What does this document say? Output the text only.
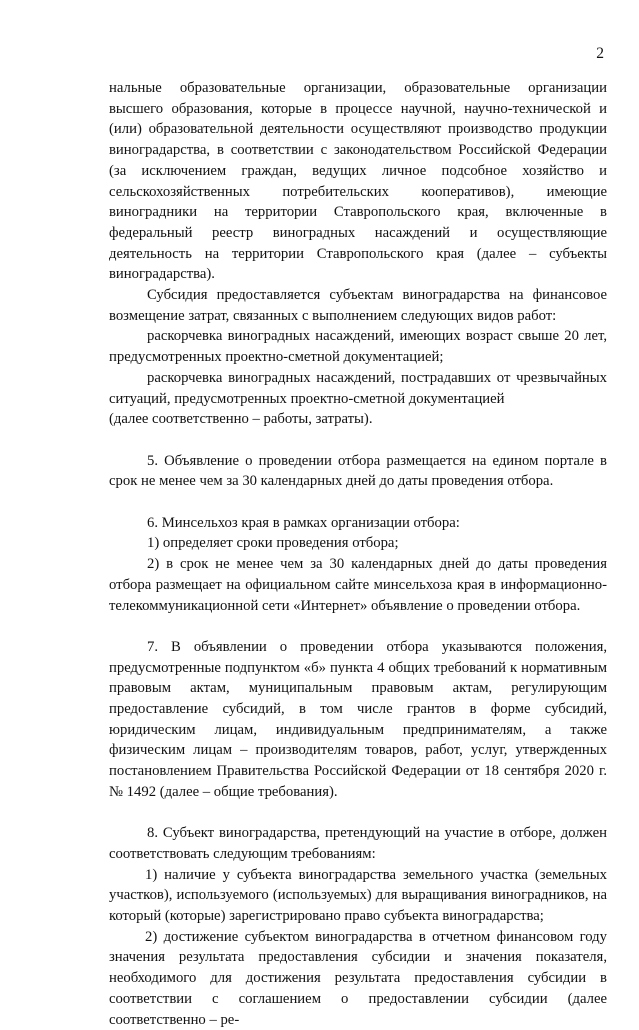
2

нальные образовательные организации, образовательные организации высшего образования, которые в процессе научной, научно-технической и (или) образовательной деятельности осуществляют производство продукции виноградарства, в соответствии с законодательством Российской Федерации (за исключением граждан, ведущих личное подсобное хозяйство и сельскохозяйственных потребительских кооперативов), имеющие виноградники на территории Ставропольского края, включенные в федеральный реестр виноградных насаждений и осуществляющие деятельность на территории Ставропольского края (далее – субъекты виноградарства).

Субсидия предоставляется субъектам виноградарства на финансовое возмещение затрат, связанных с выполнением следующих видов работ:

раскорчевка виноградных насаждений, имеющих возраст свыше 20 лет, предусмотренных проектно-сметной документацией;

раскорчевка виноградных насаждений, пострадавших от чрезвычайных ситуаций, предусмотренных проектно-сметной документацией

(далее соответственно – работы, затраты).

5. Объявление о проведении отбора размещается на едином портале в срок не менее чем за 30 календарных дней до даты проведения отбора.

6. Минсельхоз края в рамках организации отбора:

1) определяет сроки проведения отбора;

2) в срок не менее чем за 30 календарных дней до даты проведения отбора размещает на официальном сайте минсельхоза края в информационно-телекоммуникационной сети «Интернет» объявление о проведении отбора.

7. В объявлении о проведении отбора указываются положения, предусмотренные подпунктом «б» пункта 4 общих требований к нормативным правовым актам, муниципальным правовым актам, регулирующим предоставление субсидий, в том числе грантов в форме субсидий, юридическим лицам, индивидуальным предпринимателям, а также физическим лицам – производителям товаров, работ, услуг, утвержденных постановлением Правительства Российской Федерации от 18 сентября 2020 г. № 1492 (далее – общие требования).

8. Субъект виноградарства, претендующий на участие в отборе, должен соответствовать следующим требованиям:

1) наличие у субъекта виноградарства земельного участка (земельных участков), используемого (используемых) для выращивания виноградников, на который (которые) зарегистрировано право субъекта виноградарства;

2) достижение субъектом виноградарства в отчетном финансовом году значения результата предоставления субсидии и значения показателя, необходимого для достижения результата предоставления субсидии в соответствии с соглашением о предоставлении субсидии (далее соответственно – ре-
